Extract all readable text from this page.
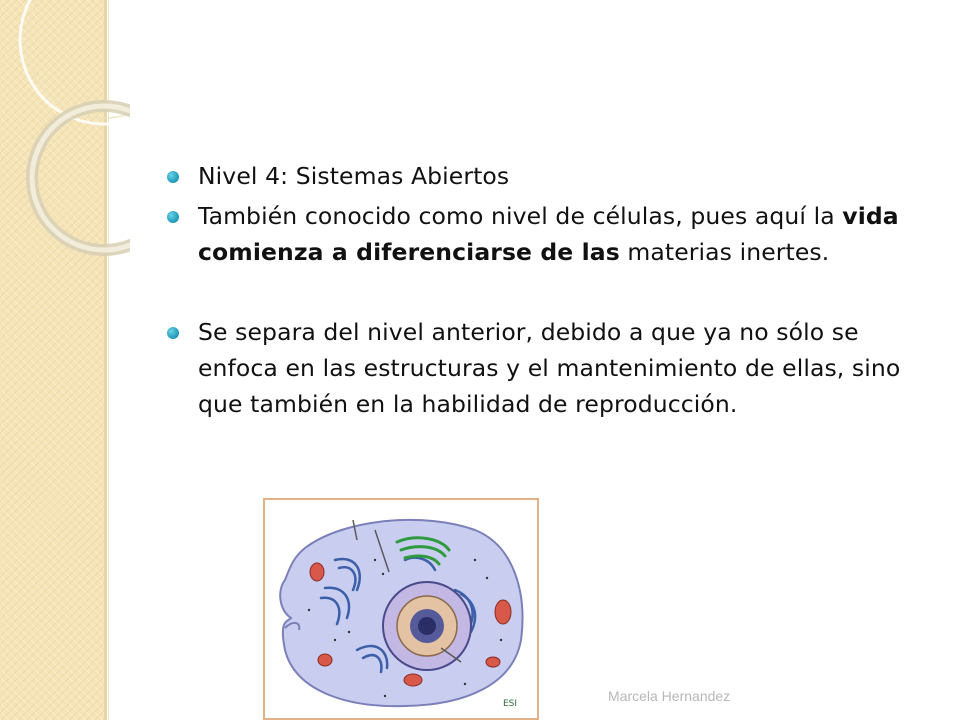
Nivel 4: Sistemas Abiertos
También conocido como nivel de células, pues aquí la vida comienza a diferenciarse de las materias inertes.
Se separa del nivel anterior, debido a que ya no sólo se enfoca en las estructuras y el mantenimiento de ellas, sino que también en la habilidad de reproducción.
ESI	Marcela Hernandez
